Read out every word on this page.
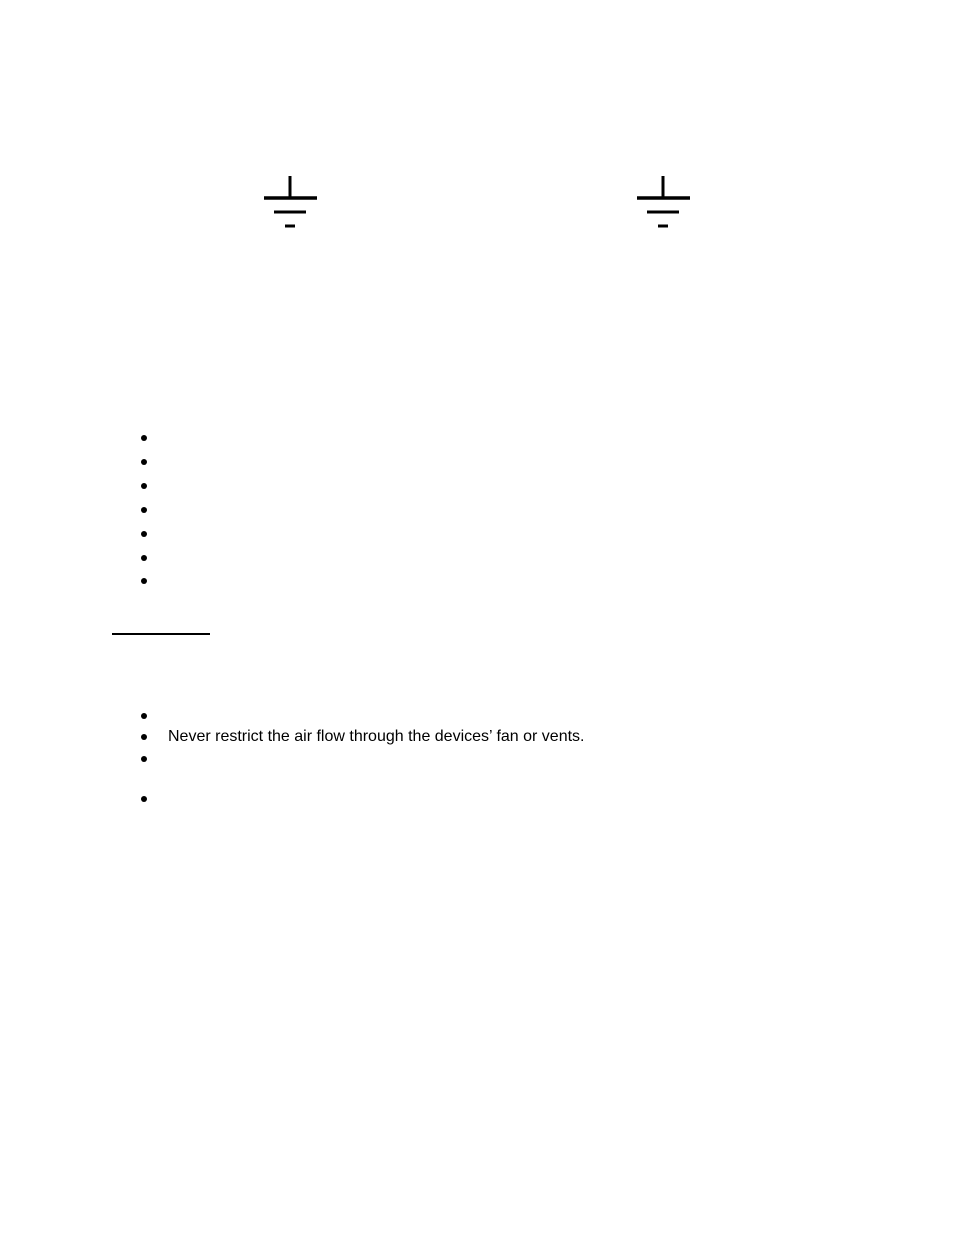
Never restrict the air flow through the devices’ fan or vents.
